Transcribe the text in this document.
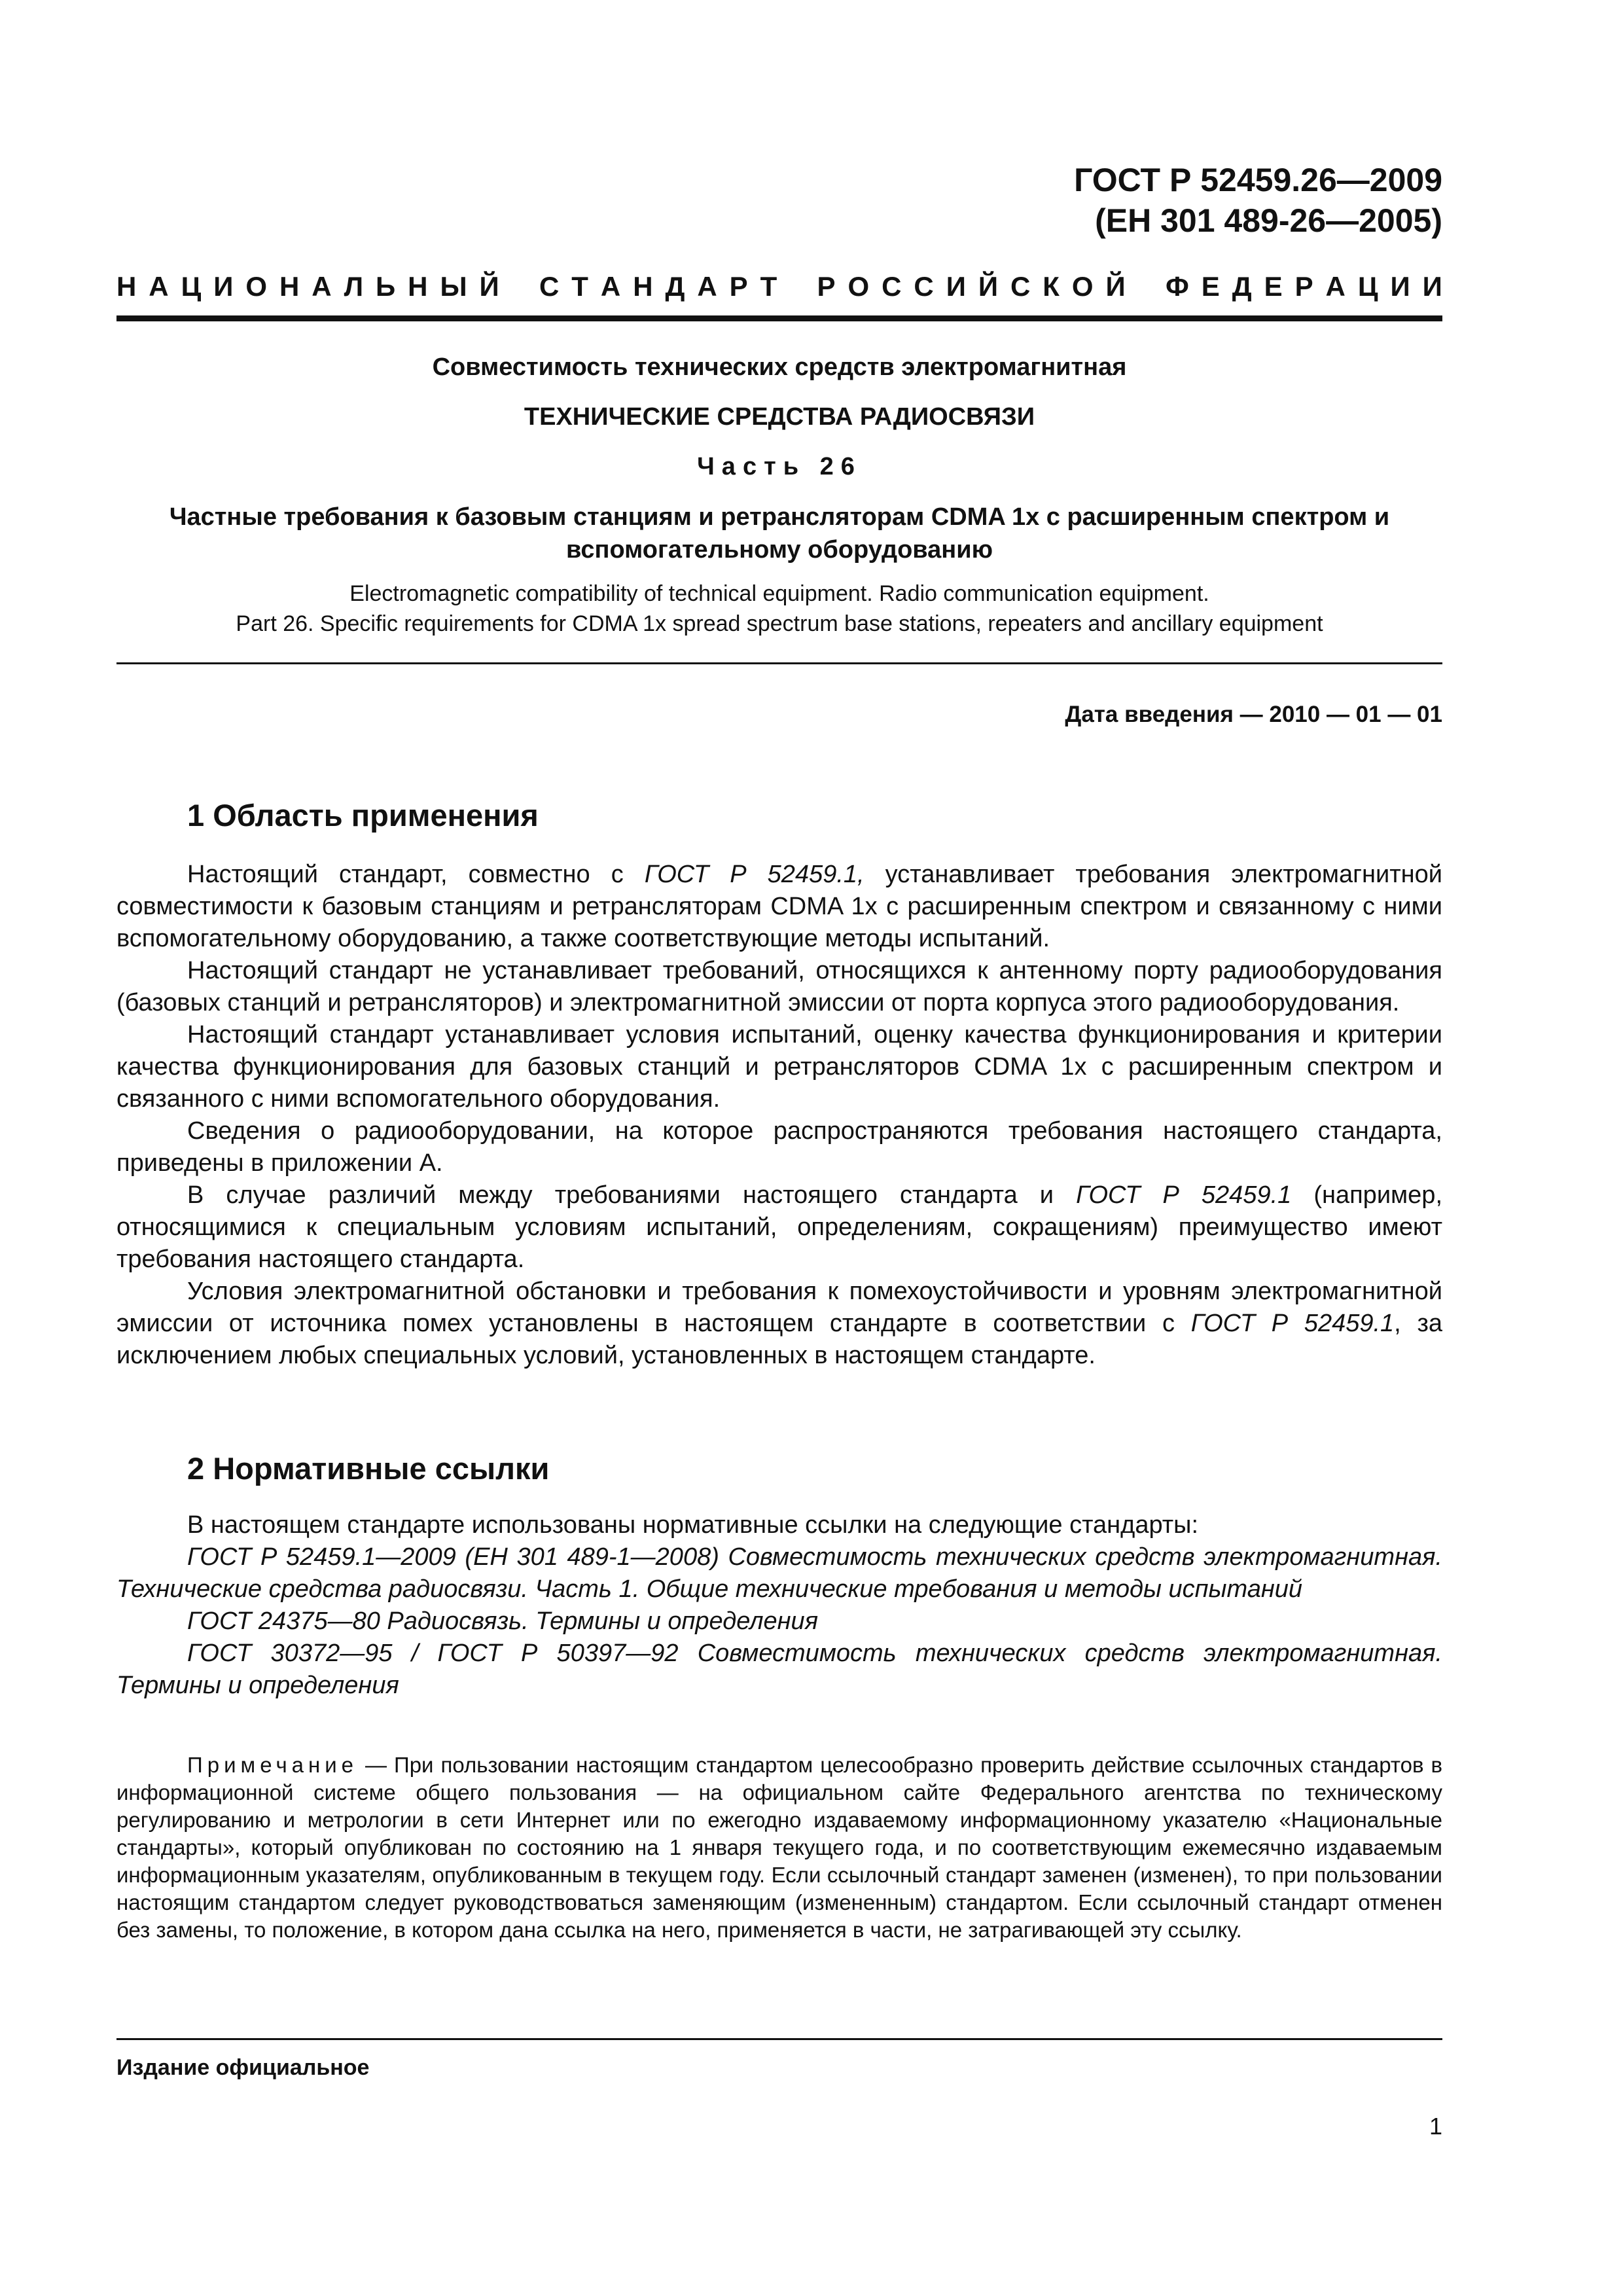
ГОСТ Р 52459.26—2009
(ЕН 301 489-26—2005)
Н А Ц И О Н А Л Ь Н Ы Й
С Т А Н Д А Р Т
Р О С С И Й С К О Й
Ф Е Д Е Р А Ц И И
Совместимость технических средств электромагнитная
ТЕХНИЧЕСКИЕ СРЕДСТВА РАДИОСВЯЗИ
Часть 26
Частные требования к базовым станциям и ретрансляторам CDMA 1x с расширенным спектром и вспомогательному оборудованию
Electromagnetic compatibility of technical equipment. Radio communication equipment.
Part 26. Specific requirements for CDMA 1x spread spectrum base stations, repeaters and ancillary equipment
Дата введения — 2010 — 01 — 01
1 Область применения

Настоящий стандарт, совместно с ГОСТ Р 52459.1, устанавливает требования электромагнитной совместимости к базовым станциям и ретрансляторам CDMA 1x с расширенным спектром и связанному с ними вспомогательному оборудованию, а также соответствующие методы испытаний.

Настоящий стандарт не устанавливает требований, относящихся к антенному порту радиооборудования (базовых станций и ретрансляторов) и электромагнитной эмиссии от порта корпуса этого радиооборудования.

Настоящий стандарт устанавливает условия испытаний, оценку качества функционирования и критерии качества функционирования для базовых станций и ретрансляторов CDMA 1x с расширенным спектром и связанного с ними вспомогательного оборудования.

Сведения о радиооборудовании, на которое распространяются требования настоящего стандарта, приведены в приложении А.

В случае различий между требованиями настоящего стандарта и ГОСТ Р 52459.1 (например, относящимися к специальным условиям испытаний, определениям, сокращениям) преимущество имеют требования настоящего стандарта.

Условия электромагнитной обстановки и требования к помехоустойчивости и уровням электромагнитной эмиссии от источника помех установлены в настоящем стандарте в соответствии с ГОСТ Р 52459.1, за исключением любых специальных условий, установленных в настоящем стандарте.

2 Нормативные ссылки

В настоящем стандарте использованы нормативные ссылки на следующие стандарты:

ГОСТ Р 52459.1—2009 (ЕН 301 489-1—2008) Совместимость технических средств электромагнитная. Технические средства радиосвязи. Часть 1. Общие технические требования и методы испытаний

ГОСТ 24375—80 Радиосвязь. Термины и определения

ГОСТ 30372—95 / ГОСТ Р 50397—92 Совместимость технических средств электромагнитная. Термины и определения

Примечание — При пользовании настоящим стандартом целесообразно проверить действие ссылочных стандартов в информационной системе общего пользования — на официальном сайте Федерального агентства по техническому регулированию и метрологии в сети Интернет или по ежегодно издаваемому информационному указателю «Национальные стандарты», который опубликован по состоянию на 1 января текущего года, и по соответствующим ежемесячно издаваемым информационным указателям, опубликованным в текущем году. Если ссылочный стандарт заменен (изменен), то при пользовании настоящим стандартом следует руководствоваться заменяющим (измененным) стандартом. Если ссылочный стандарт отменен без замены, то положение, в котором дана ссылка на него, применяется в части, не затрагивающей эту ссылку.

Издание официальное
1
